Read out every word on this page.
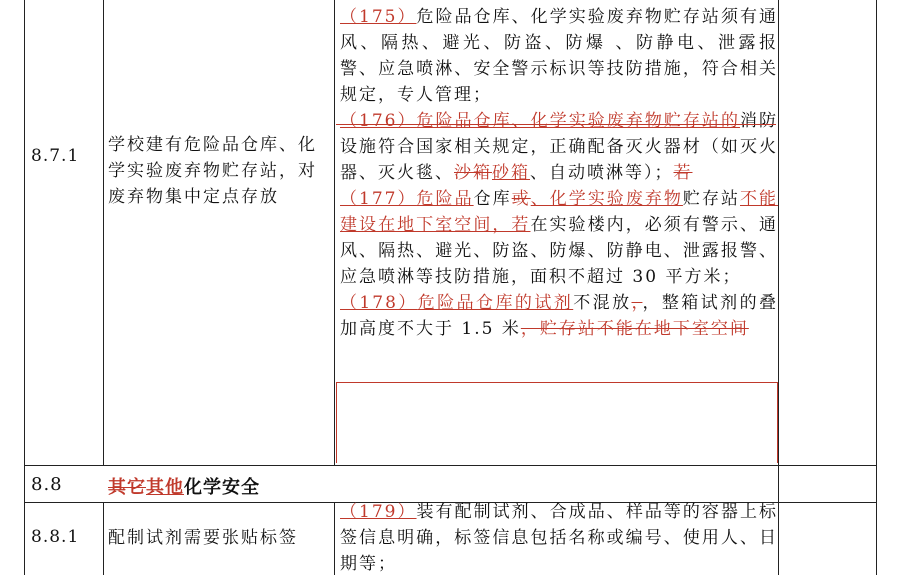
8.7.1
学校建有危险品仓库、化学实验废弃物贮存站，对废弃物集中定点存放

（175）危险品仓库、化学实验废弃物贮存站须有通风、隔热、避光、防盗、防爆 、防静电、泄露报警、应急喷淋、安全警示标识等技防措施，符合相关规定，专人管理；

（176）危险品仓库、化学实验废弃物贮存站的消防设施符合国家相关规定，正确配备灭火器材（如灭火器、灭火毯、沙箱砂箱、自动喷淋等）；若

（177）危险品仓库或、化学实验废弃物贮存站不能建设在地下室空间，若在实验楼内，必须有警示、通风、隔热、避光、防盗、防爆、防静电、泄露报警、应急喷淋等技防措施，面积不超过 30 平方米；

（178）危险品仓库的试剂不混放，，整箱试剂的叠加高度不大于 1.5 米，贮存站不能在地下室空间

8.8	其它其他化学安全
8.8.1 配制试剂需要张贴标签

（179）装有配制试剂、合成品、样品等的容器上标签信息明确，标签信息包括名称或编号、使用人、日期等；
